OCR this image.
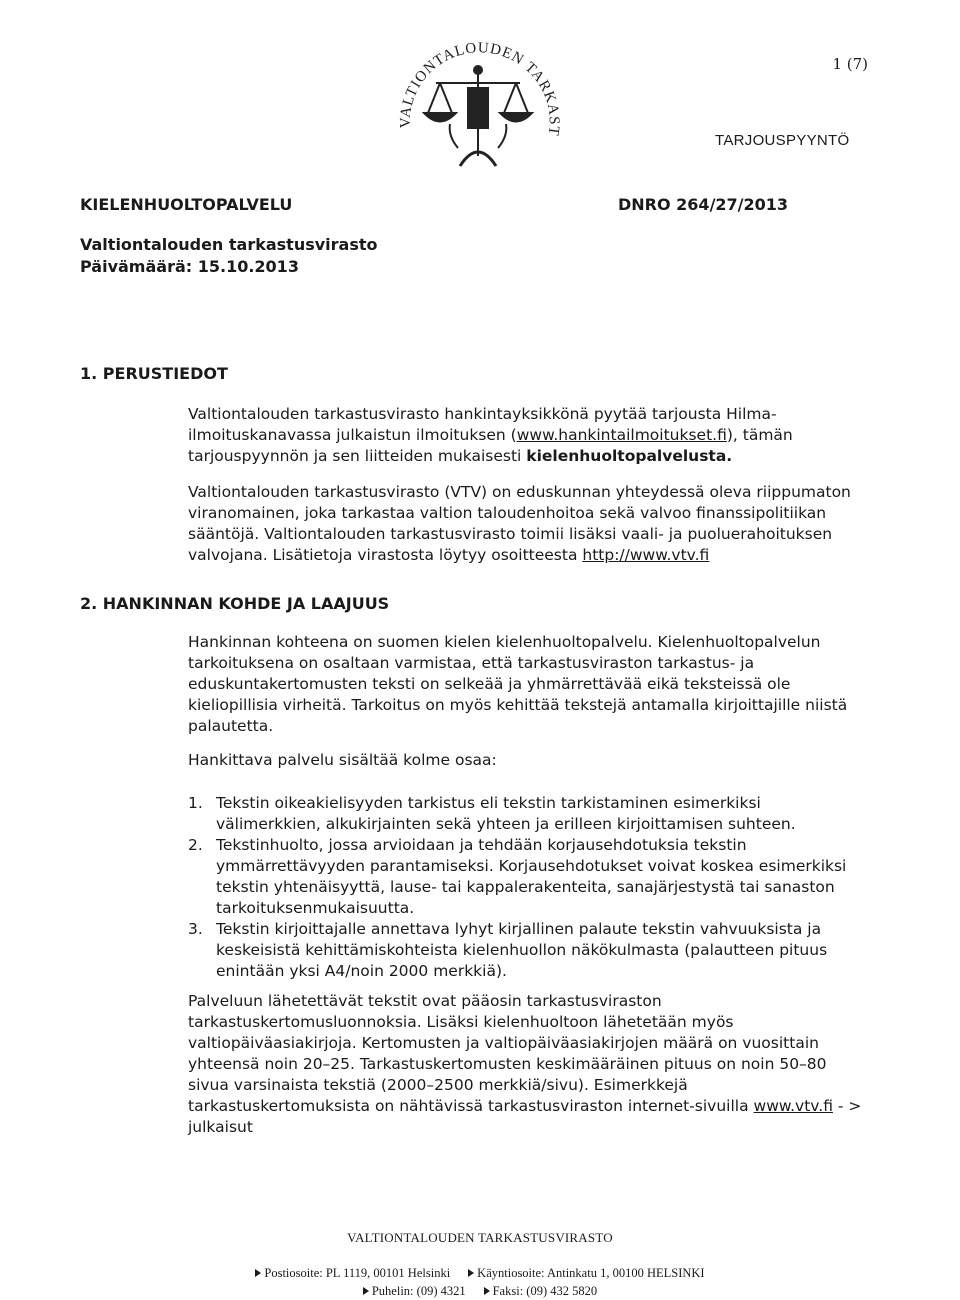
VALTIONTALOUDEN TARKAST
1 (7)
TARJOUSPYYNTÖ
KIELENHUOLTOPALVELU	DNRO 264/27/2013
Valtiontalouden tarkastusvirasto
Päivämäärä: 15.10.2013
1. PERUSTIEDOT
Valtiontalouden tarkastusvirasto hankintayksikkönä pyytää tarjousta Hilma-ilmoituskanavassa julkaistun ilmoituksen (www.hankintailmoitukset.fi), tämän tarjouspyynnön ja sen liitteiden mukaisesti kielenhuoltopalvelusta.
Valtiontalouden tarkastusvirasto (VTV) on eduskunnan yhteydessä oleva riippumaton viranomainen, joka tarkastaa valtion taloudenhoitoa sekä valvoo finanssipolitiikan sääntöjä. Valtiontalouden tarkastusvirasto toimii lisäksi vaali- ja puoluerahoituksen valvojana. Lisätietoja virastosta löytyy osoitteesta http://www.vtv.fi
2. HANKINNAN KOHDE JA LAAJUUS
Hankinnan kohteena on suomen kielen kielenhuoltopalvelu. Kielenhuoltopalvelun tarkoituksena on osaltaan varmistaa, että tarkastusviraston tarkastus- ja eduskuntakertomusten teksti on selkeää ja yhmärrettävää eikä teksteissä ole kieliopillisia virheitä. Tarkoitus on myös kehittää tekstejä antamalla kirjoittajille niistä palautetta.
Hankittava palvelu sisältää kolme osaa:
1. Tekstin oikeakielisyyden tarkistus eli tekstin tarkistaminen esimerkiksi välimerkkien, alkukirjainten sekä yhteen ja erilleen kirjoittamisen suhteen.
2. Tekstinhuolto, jossa arvioidaan ja tehdään korjausehdotuksia tekstin ymmärrettävyyden parantamiseksi. Korjausehdotukset voivat koskea esimerkiksi tekstin yhtenäisyyttä, lause- tai kappalerakenteita, sanajärjestystä tai sanaston tarkoituksenmukaisuutta.
3. Tekstin kirjoittajalle annettava lyhyt kirjallinen palaute tekstin vahvuuksista ja keskeisistä kehittämiskohteista kielenhuollon näkökulmasta (palautteen pituus enintään yksi A4/noin 2000 merkkiä).
Palveluun lähetettävät tekstit ovat pääosin tarkastusviraston tarkastuskertomusluonnoksia. Lisäksi kielenhuoltoon lähetetään myös valtiopäiväasiakirjoja. Kertomusten ja valtiopäiväasiakirjojen määrä on vuosittain yhteensä noin 20–25. Tarkastuskertomusten keskimääräinen pituus on noin 50–80 sivua varsinaista tekstiä (2000–2500 merkkiä/sivu). Esimerkkejä tarkastuskertomuksista on nähtävissä tarkastusviraston internet-sivuilla www.vtv.fi - > julkaisut
VALTIONTALOUDEN TARKASTUSVIRASTO
Postiosoite: PL 1119, 00101 Helsinki Käyntiosoite: Antinkatu 1, 00100 HELSINKI
Puhelin: (09) 4321 Faksi: (09) 432 5820
